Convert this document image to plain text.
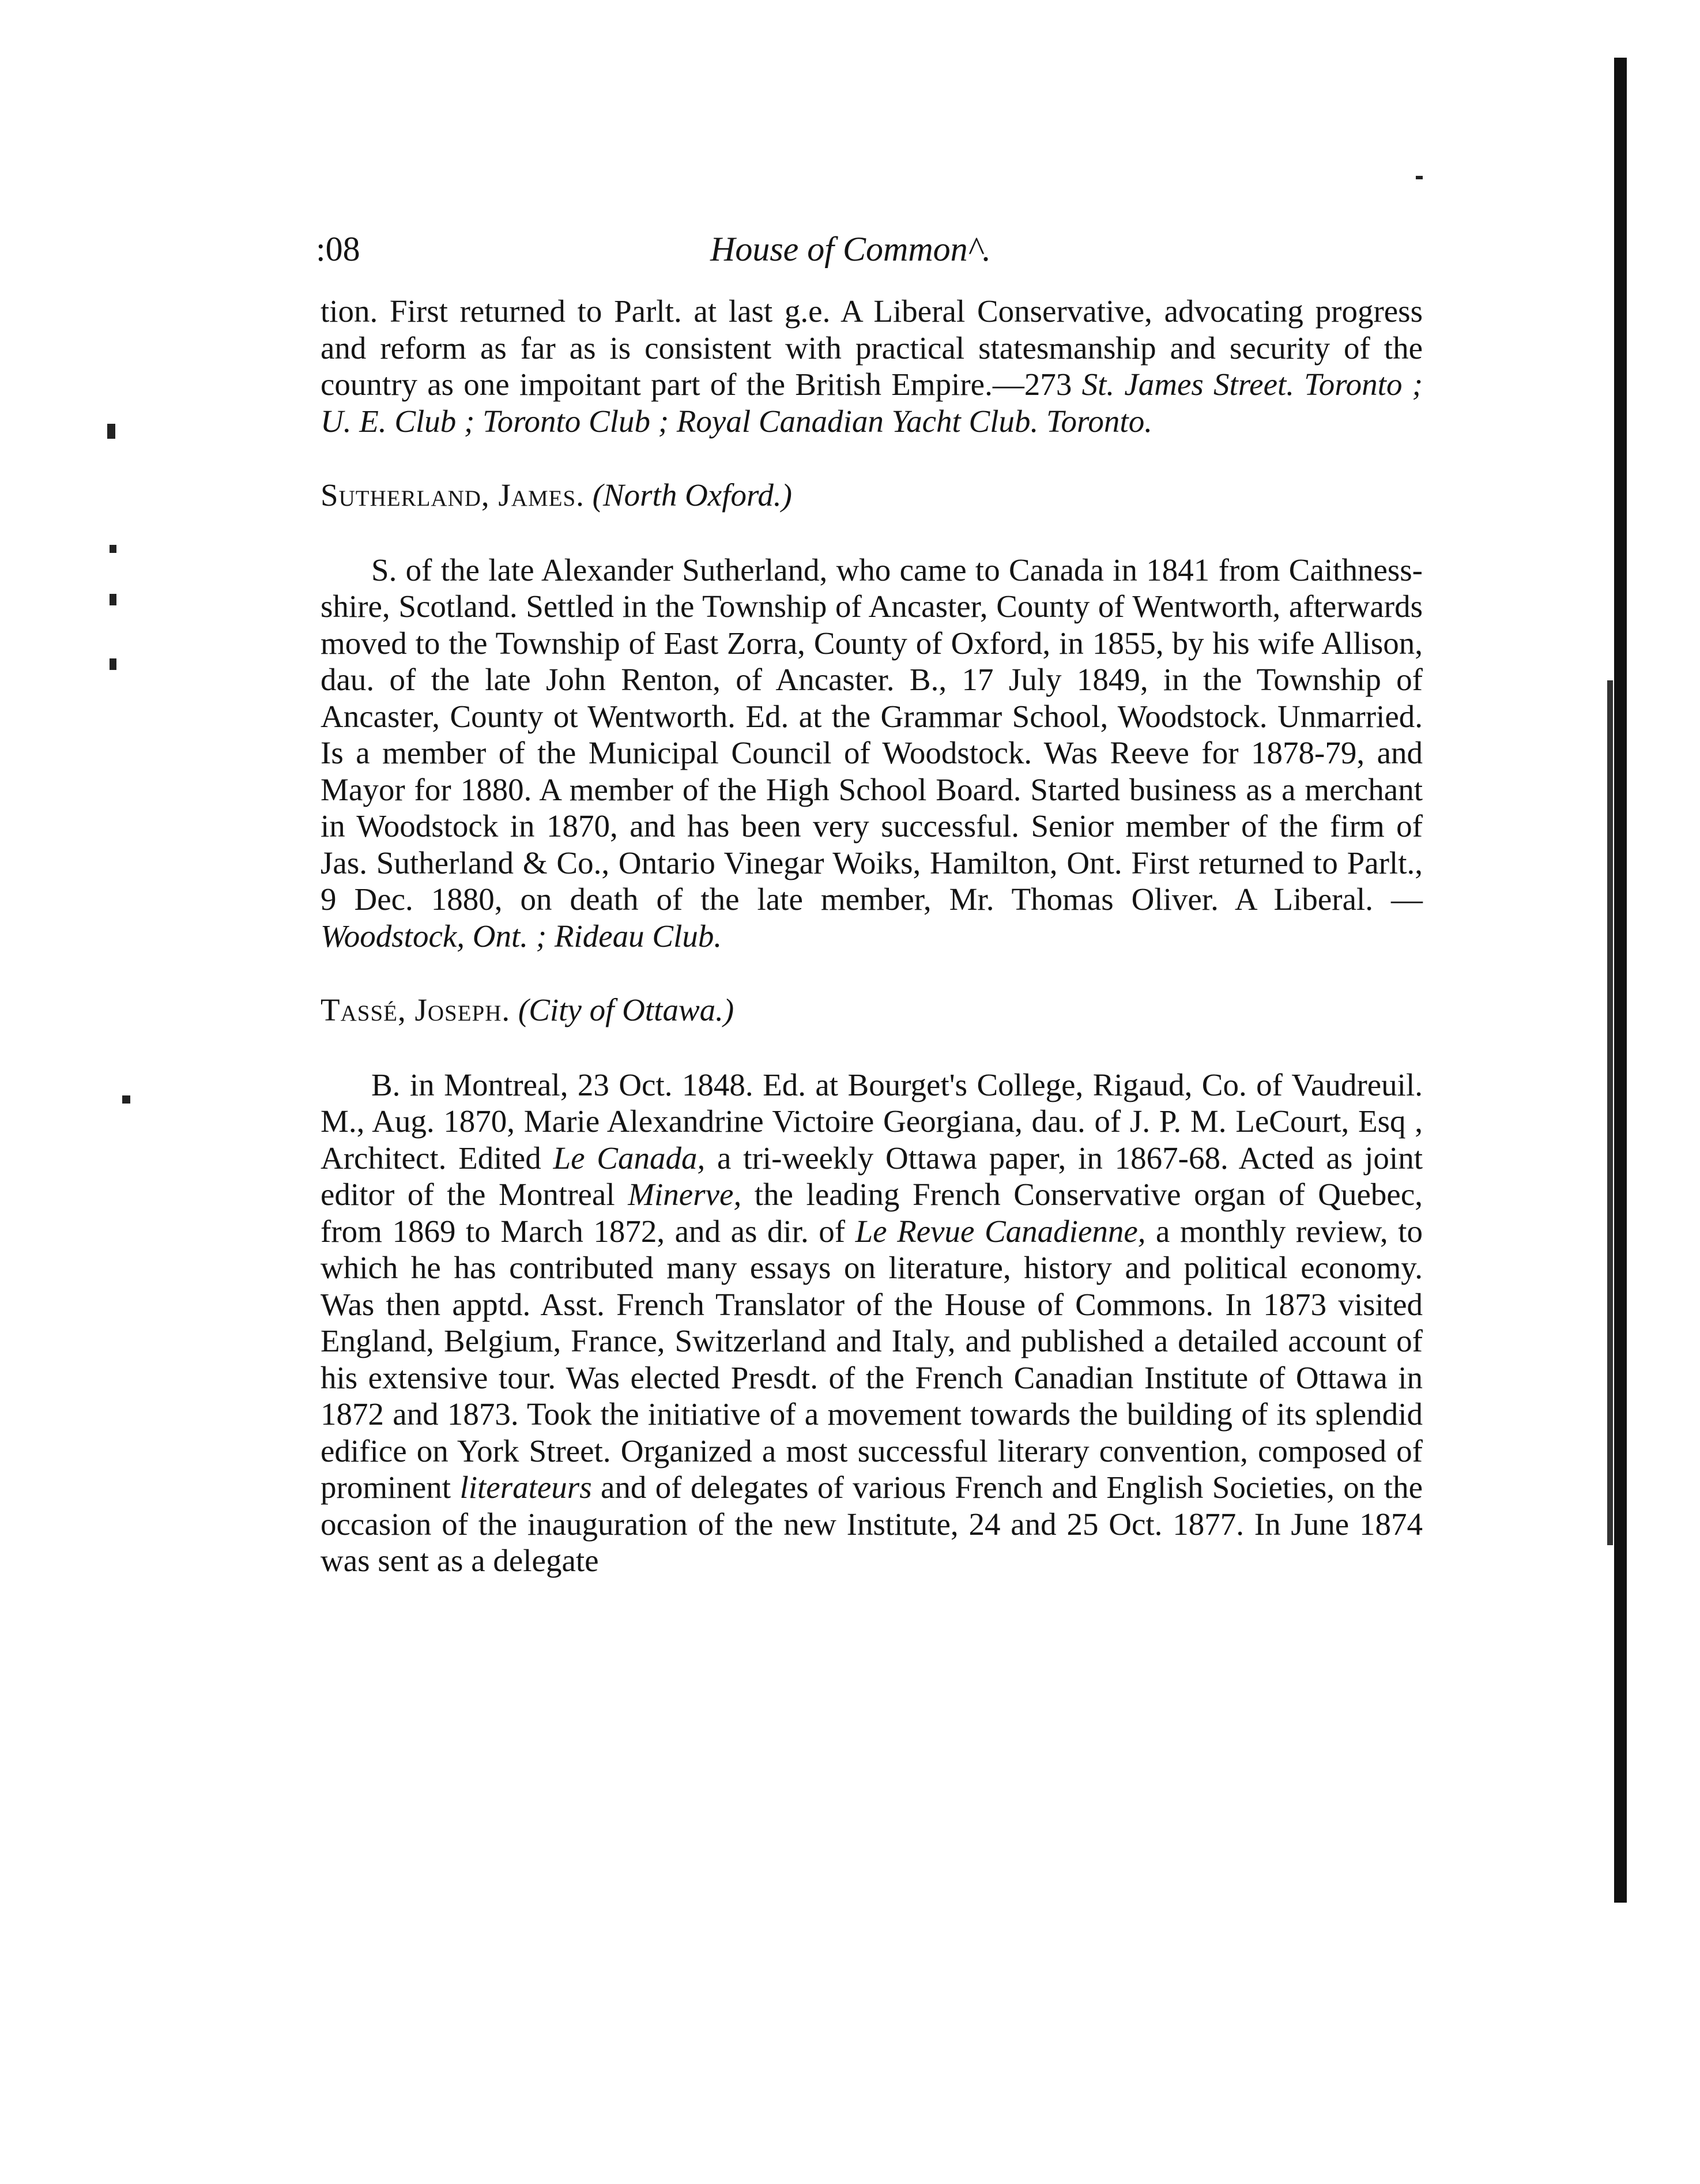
:08	House of Common^.

tion. First returned to Parlt. at last g.e. A Liberal Conservative, advocating progress and reform as far as is consistent with practical statesmanship and security of the country as one impoitant part of the British Empire.—273 St. James Street. Toronto ; U. E. Club ; Toronto Club ; Royal Canadian Yacht Club. Toronto.

Sutherland, James. (North Oxford.)

S. of the late Alexander Sutherland, who came to Canada in 1841 from Caithness-shire, Scotland. Settled in the Township of Ancaster, County of Wentworth, afterwards moved to the Township of East Zorra, County of Oxford, in 1855, by his wife Allison, dau. of the late John Renton, of Ancaster. B., 17 July 1849, in the Township of Ancaster, County ot Wentworth. Ed. at the Grammar School, Woodstock. Unmarried. Is a member of the Municipal Council of Woodstock. Was Reeve for 1878-79, and Mayor for 1880. A member of the High School Board. Started business as a merchant in Woodstock in 1870, and has been very successful. Senior member of the firm of Jas. Sutherland & Co., Ontario Vinegar Woiks, Hamilton, Ont. First returned to Parlt., 9 Dec. 1880, on death of the late member, Mr. Thomas Oliver. A Liberal. — Woodstock, Ont. ; Rideau Club.

Tassé, Joseph. (City of Ottawa.)

B. in Montreal, 23 Oct. 1848. Ed. at Bourget's College, Rigaud, Co. of Vaudreuil. M., Aug. 1870, Marie Alexandrine Victoire Georgiana, dau. of J. P. M. LeCourt, Esq , Architect. Edited Le Canada, a tri-weekly Ottawa paper, in 1867-68. Acted as joint editor of the Montreal Minerve, the leading French Conservative organ of Quebec, from 1869 to March 1872, and as dir. of Le Revue Canadienne, a monthly review, to which he has contributed many essays on literature, history and political economy. Was then apptd. Asst. French Translator of the House of Commons. In 1873 visited England, Belgium, France, Switzerland and Italy, and published a detailed account of his extensive tour. Was elected Presdt. of the French Canadian Institute of Ottawa in 1872 and 1873. Took the initiative of a movement towards the building of its splendid edifice on York Street. Organized a most successful literary convention, composed of prominent literateurs and of delegates of various French and English Societies, on the occasion of the inauguration of the new Institute, 24 and 25 Oct. 1877. In June 1874 was sent as a delegate
